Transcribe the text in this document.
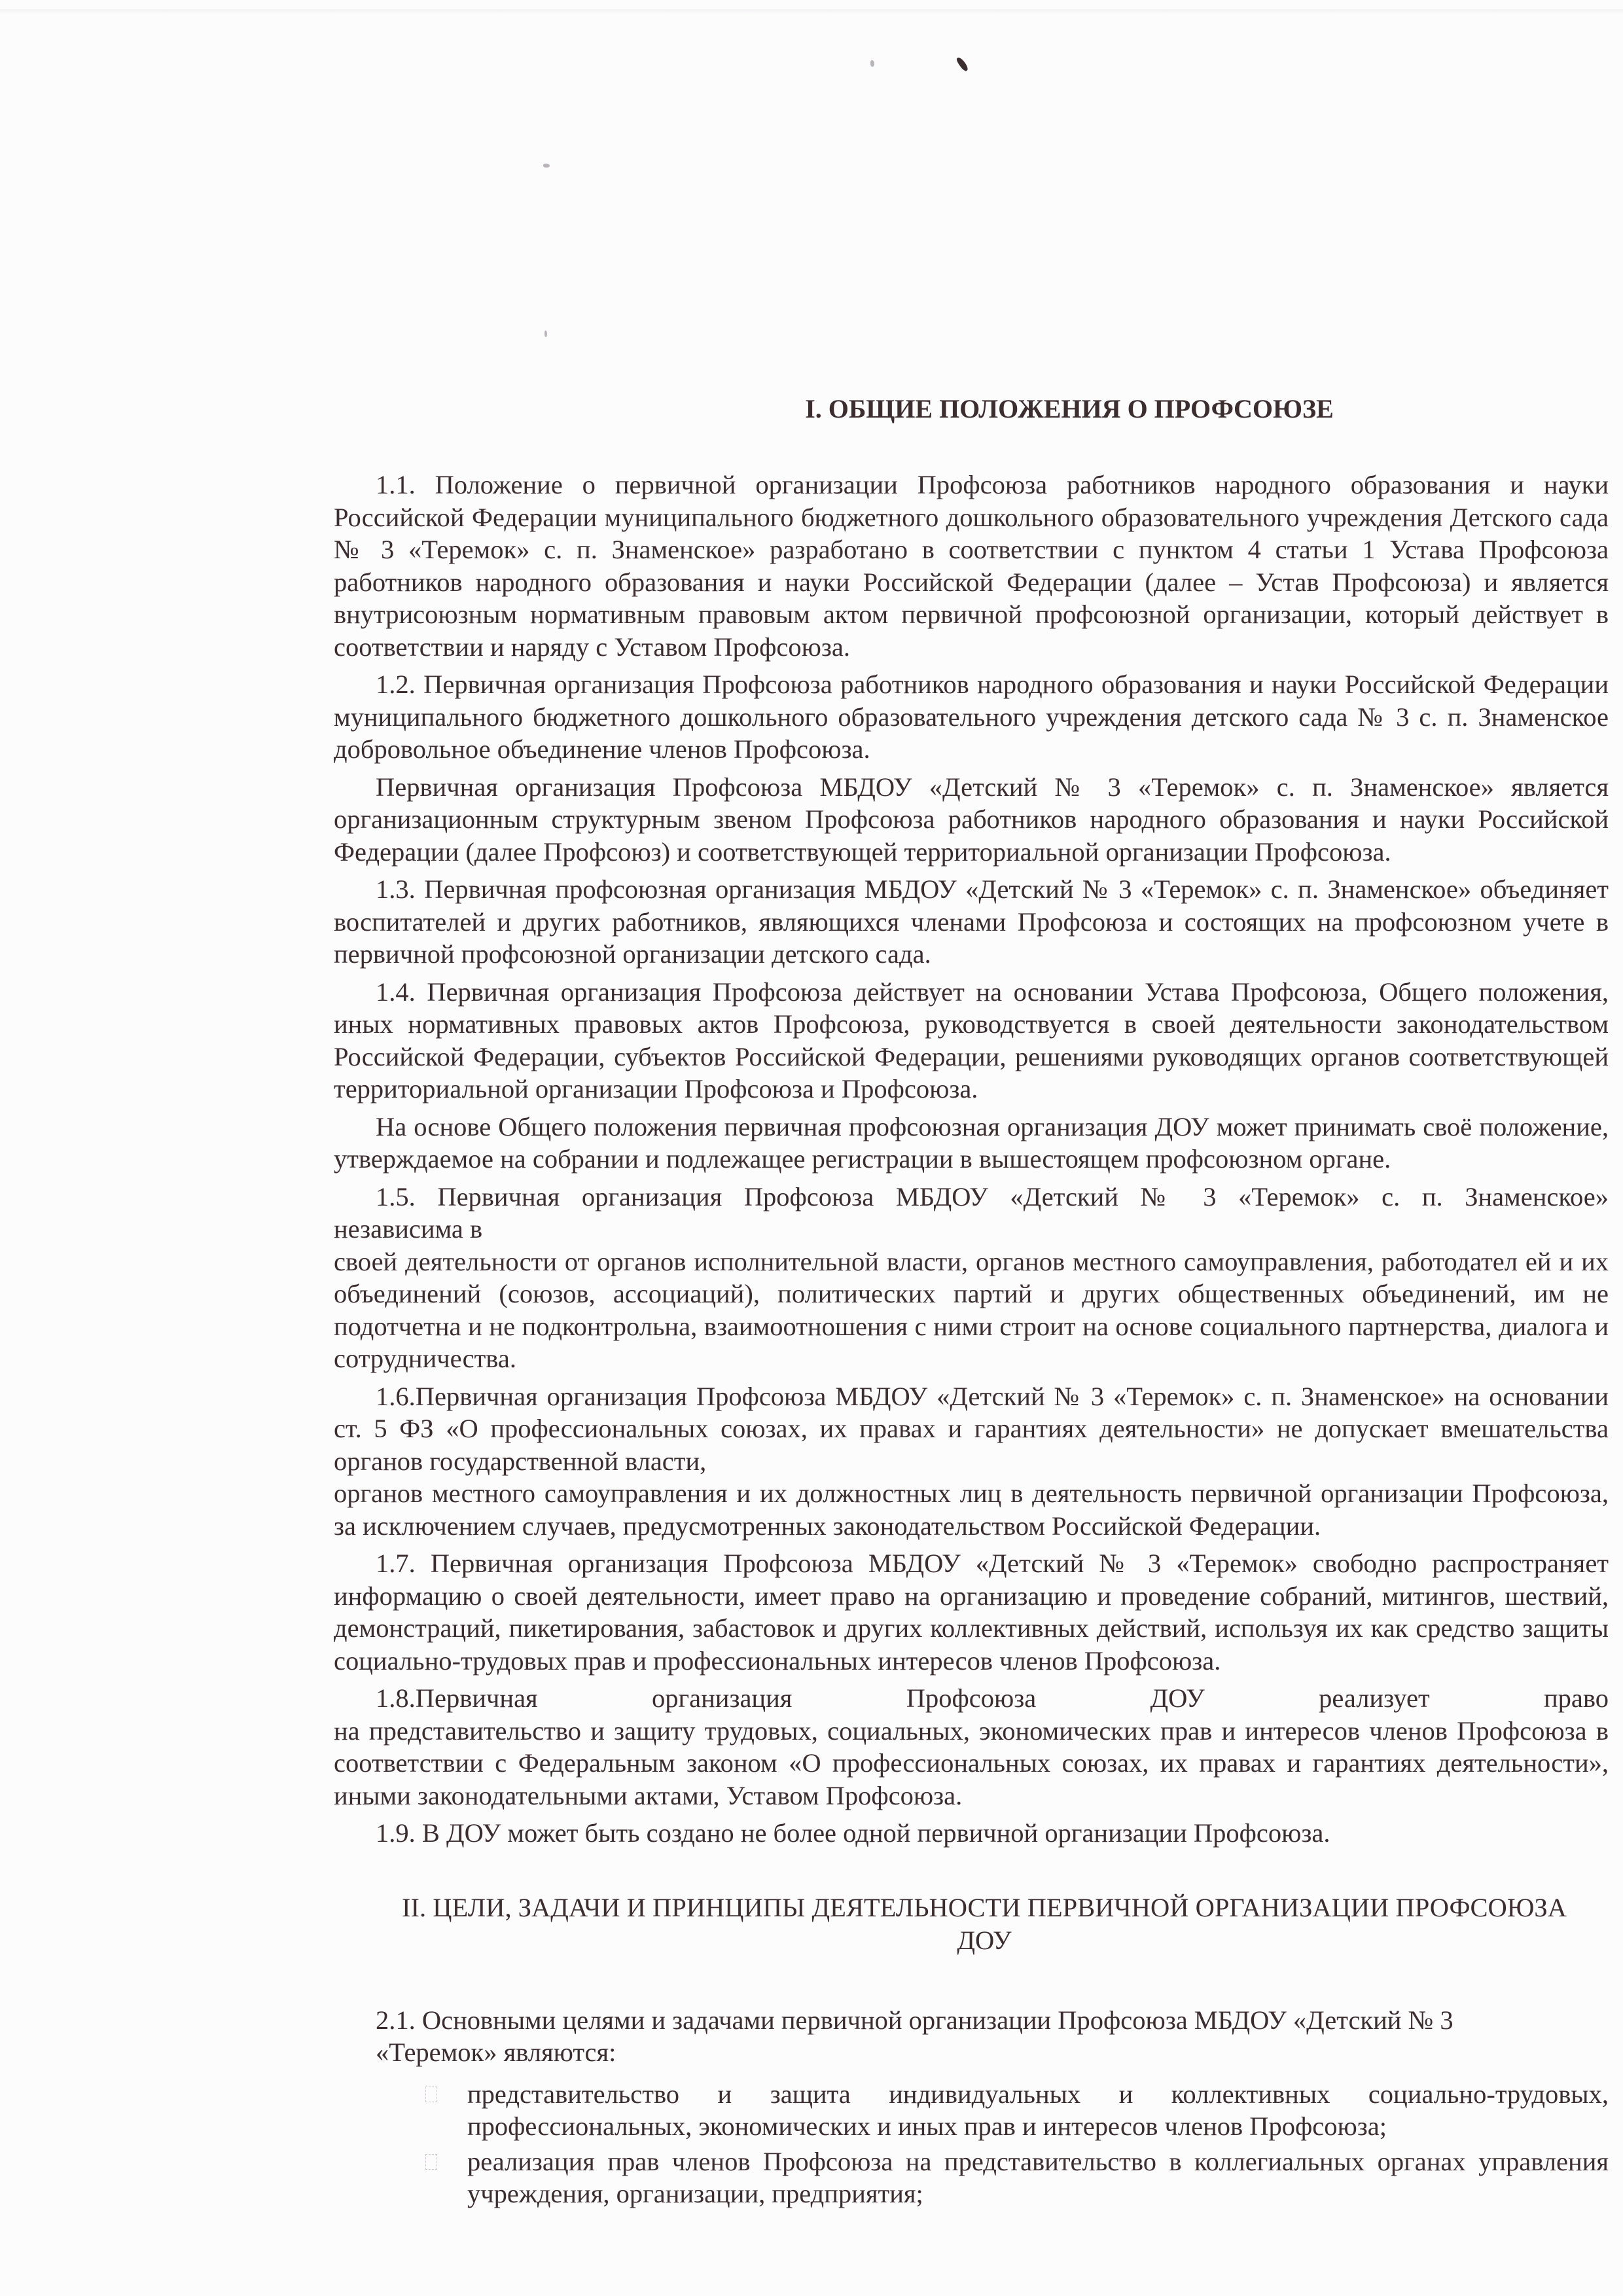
I. ОБЩИЕ ПОЛОЖЕНИЯ О ПРОФСОЮЗЕ

1.1. Положение о первичной организации Профсоюза работников народного образования и науки Российской Федерации муниципального бюджетного дошкольного образовательного учреждения Детского сада № 3 «Теремок» с. п. Знаменское» разработано в соответствии с пунктом 4 статьи 1 Устава Профсоюза работников народного образования и науки Российской Федерации (далее – Устав Профсоюза) и является внутрисоюзным нормативным правовым актом первичной профсоюзной организации, который действует в соответствии и наряду с Уставом Профсоюза.

1.2. Первичная организация Профсоюза работников народного образования и науки Российской Федерации муниципального бюджетного дошкольного образовательного учреждения детского сада № 3 с. п. Знаменское добровольное объединение членов Профсоюза.

Первичная организация Профсоюза МБДОУ «Детский № 3 «Теремок» с. п. Знаменское» является организационным структурным звеном Профсоюза работников народного образования и науки Российской Федерации (далее Профсоюз) и соответствующей территориальной организации Профсоюза.

1.3. Первичная профсоюзная организация МБДОУ «Детский № 3 «Теремок» с. п. Знаменское» объединяет воспитателей и других работников, являющихся членами Профсоюза и состоящих на профсоюзном учете в первичной профсоюзной организации детского сада.

1.4. Первичная организация Профсоюза действует на основании Устава Профсоюза, Общего положения, иных нормативных правовых актов Профсоюза, руководствуется в своей деятельности законодательством Российской Федерации, субъектов Российской Федерации, решениями руководящих органов соответствующей территориальной организации Профсоюза и Профсоюза.

На основе Общего положения первичная профсоюзная организация ДОУ может принимать своё положение, утверждаемое на собрании и подлежащее регистрации в вышестоящем профсоюзном органе.

1.5. Первичная организация Профсоюза МБДОУ «Детский № 3 «Теремок» с. п. Знаменское»
независима в

своей деятельности от органов исполнительной власти, органов местного самоуправления, работодател ей и их объединений (союзов, ассоциаций), политических партий и других общественных объединений, им не подотчетна и не подконтрольна, взаимоотношения с ними строит на основе социального партнерства, диалога и сотрудничества.

1.6.Первичная организация Профсоюза МБДОУ «Детский № 3 «Теремок» с. п. Знаменское» на основании ст. 5 ФЗ «О профессиональных союзах, их правах и гарантиях деятельности» не допускает вмешательства органов государственной власти,

органов местного самоуправления и их должностных лиц в деятельность первичной организации Профсоюза, за исключением случаев, предусмотренных законодательством Российской Федерации.

1.7. Первичная организация Профсоюза МБДОУ «Детский № 3 «Теремок» свободно распространяет информацию о своей деятельности, имеет право на организацию и проведение собраний, митингов, шествий, демонстраций, пикетирования, забастовок и других коллективных действий, используя их как средство защиты социально-трудовых прав и профессиональных интересов членов Профсоюза.

1.8.Первичная организация Профсоюза ДОУ реализует право

на представительство и защиту трудовых, социальных, экономических прав и интересов членов Профсоюза в соответствии с Федеральным законом «О профессиональных союзах, их правах и гарантиях деятельности», иными законодательными актами, Уставом Профсоюза.

1.9. В ДОУ может быть создано не более одной первичной организации Профсоюза.

II. ЦЕЛИ, ЗАДАЧИ И ПРИНЦИПЫ ДЕЯТЕЛЬНОСТИ ПЕРВИЧНОЙ ОРГАНИЗАЦИИ ПРОФСОЮЗА
ДОУ

2.1. Основными целями и задачами первичной организации Профсоюза МБДОУ «Детский № 3
«Теремок» являются:

представительство и защита индивидуальных и коллективных социально-трудовых, профессиональных, экономических и иных прав и интересов членов Профсоюза;
реализация прав членов Профсоюза на представительство в коллегиальных органах управления учреждения, организации, предприятия;
